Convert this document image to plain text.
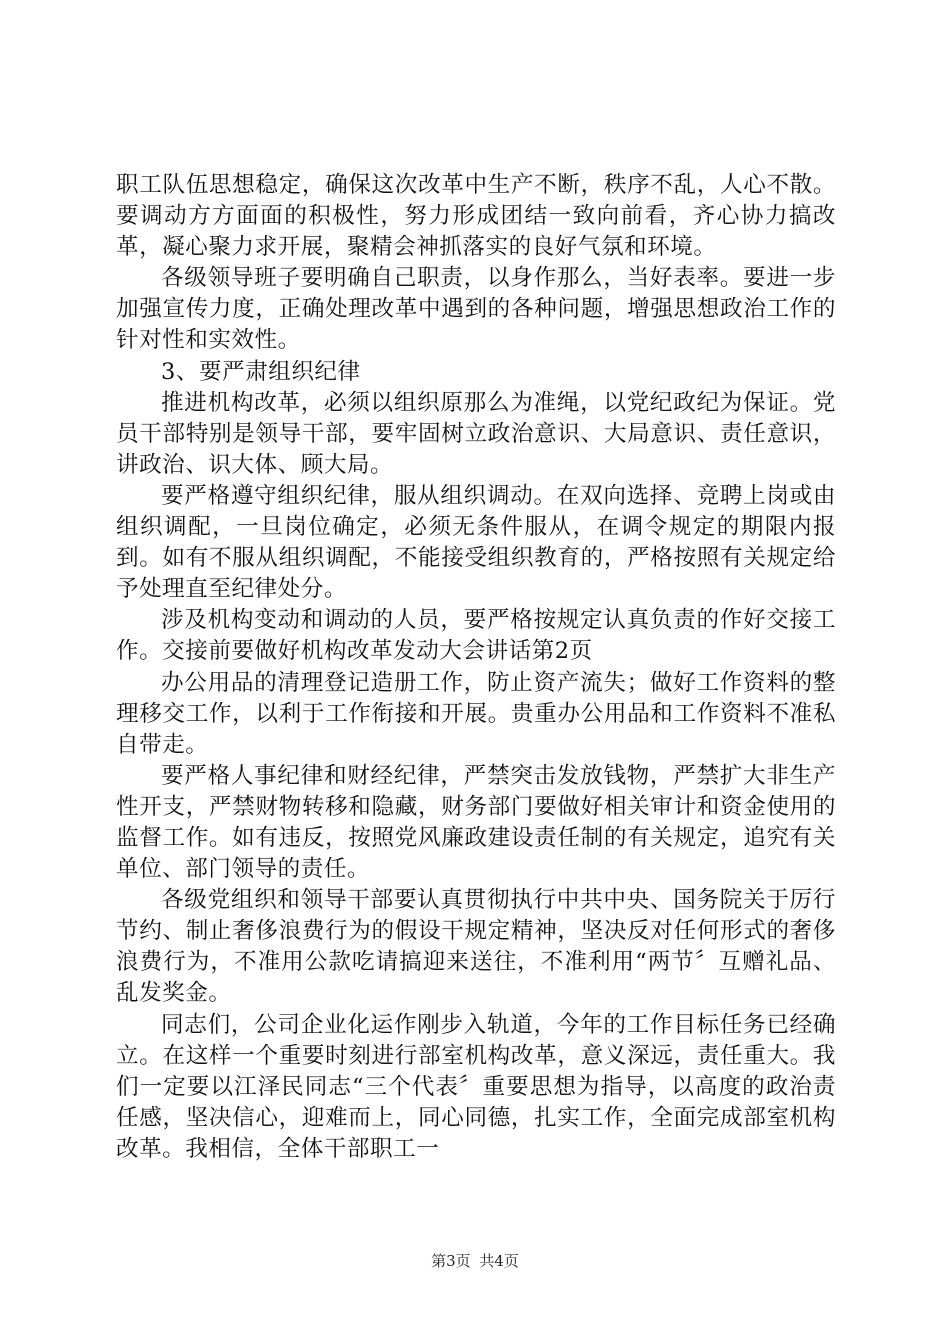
职工队伍思想稳定，确保这次改革中生产不断，秩序不乱，人心不散。要调动方方面面的积极性，努力形成团结一致向前看，齐心协力搞改革，凝心聚力求开展，聚精会神抓落实的良好气氛和环境。

各级领导班子要明确自己职责，以身作那么，当好表率。要进一步加强宣传力度，正确处理改革中遇到的各种问题，增强思想政治工作的针对性和实效性。

3、要严肃组织纪律

推进机构改革，必须以组织原那么为准绳，以党纪政纪为保证。党员干部特别是领导干部，要牢固树立政治意识、大局意识、责任意识，讲政治、识大体、顾大局。

要严格遵守组织纪律，服从组织调动。在双向选择、竞聘上岗或由组织调配，一旦岗位确定，必须无条件服从，在调令规定的期限内报到。如有不服从组织调配，不能接受组织教育的，严格按照有关规定给予处理直至纪律处分。

涉及机构变动和调动的人员，要严格按规定认真负责的作好交接工作。交接前要做好机构改革发动大会讲话第2页

办公用品的清理登记造册工作，防止资产流失；做好工作资料的整理移交工作，以利于工作衔接和开展。贵重办公用品和工作资料不准私自带走。

要严格人事纪律和财经纪律，严禁突击发放钱物，严禁扩大非生产性开支，严禁财物转移和隐藏，财务部门要做好相关审计和资金使用的监督工作。如有违反，按照党风廉政建设责任制的有关规定，追究有关单位、部门领导的责任。

各级党组织和领导干部要认真贯彻执行中共中央、国务院关于厉行节约、制止奢侈浪费行为的假设干规定精神，坚决反对任何形式的奢侈浪费行为，不准用公款吃请搞迎来送往，不准利用“两节〞互赠礼品、乱发奖金。

同志们，公司企业化运作刚步入轨道，今年的工作目标任务已经确立。在这样一个重要时刻进行部室机构改革，意义深远，责任重大。我们一定要以江泽民同志“三个代表〞重要思想为指导，以高度的政治责任感，坚决信心，迎难而上，同心同德，扎实工作，全面完成部室机构改革。我相信，全体干部职工一

第3页 共4页
